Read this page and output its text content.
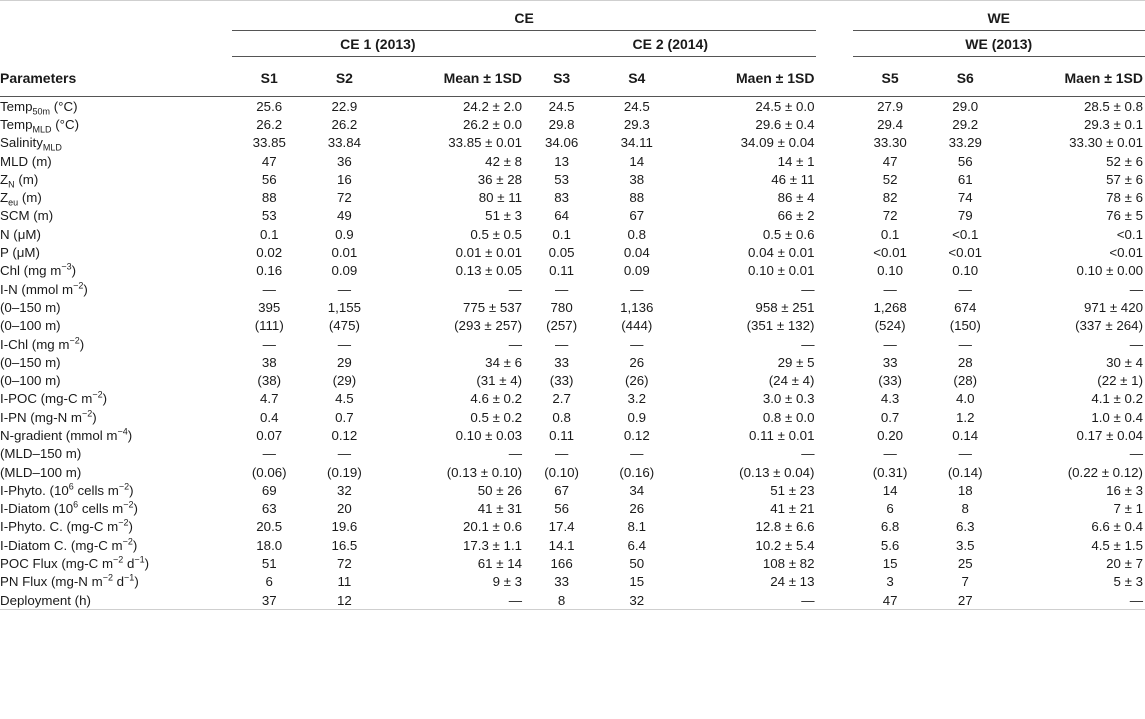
	CE							WE		

	CE 1 (2013)			CE 2 (2014)				WE (2013)		

Parameters	S1	S2	Mean ± 1SD	S3	S4	Maen ± 1SD		S5	S6	Maen ± 1SD
Temp$_{50m}$ (°C)	25.6	22.9	24.2 ± 2.0	24.5	24.5	24.5 ± 0.0		27.9	29.0	28.5 ± 0.8
Temp$_{MLD}$ (°C)	26.2	26.2	26.2 ± 0.0	29.8	29.3	29.6 ± 0.4		29.4	29.2	29.3 ± 0.1
Salinity$_{MLD}$	33.85	33.84	33.85 ± 0.01	34.06	34.11	34.09 ± 0.04		33.30	33.29	33.30 ± 0.01
MLD (m)	47	36	42 ± 8	13	14	14 ± 1		47	56	52 ± 6
$Z_N$ (m)	56	16	36 ± 28	53	38	46 ± 11		52	61	57 ± 6
$Z_{eu}$ (m)	88	72	80 ± 11	83	88	86 ± 4		82	74	78 ± 6
SCM (m)	53	49	51 ± 3	64	67	66 ± 2		72	79	76 ± 5
N (μM)	0.1	0.9	0.5 ± 0.5	0.1	0.8	0.5 ± 0.6		0.1	<0.1	<0.1
P (μM)	0.02	0.01	0.01 ± 0.01	0.05	0.04	0.04 ± 0.01		<0.01	<0.01	<0.01
Chl (mg $m^{-3}$)	0.16	0.09	0.13 ± 0.05	0.11	0.09	0.10 ± 0.01		0.10	0.10	0.10 ± 0.00
I-N (mmol $m^{-2}$)	—	—	—	—	—	—		—	—	—
(0–150 m)	395	1,155	775 ± 537	780	1,136	958 ± 251		1,268	674	971 ± 420
(0–100 m)	(111)	(475)	(293 ± 257)	(257)	(444)	(351 ± 132)		(524)	(150)	(337 ± 264)
I-Chl (mg $m^{-2}$)	—	—	—	—	—	—		—	—	—
(0–150 m)	38	29	34 ± 6	33	26	29 ± 5		33	28	30 ± 4
(0–100 m)	(38)	(29)	(31 ± 4)	(33)	(26)	(24 ± 4)		(33)	(28)	(22 ± 1)
I-POC (mg-C $m^{-2}$)	4.7	4.5	4.6 ± 0.2	2.7	3.2	3.0 ± 0.3		4.3	4.0	4.1 ± 0.2
I-PN (mg-N $m^{-2}$)	0.4	0.7	0.5 ± 0.2	0.8	0.9	0.8 ± 0.0		0.7	1.2	1.0 ± 0.4
N-gradient (mmol $m^{-4}$)	0.07	0.12	0.10 ± 0.03	0.11	0.12	0.11 ± 0.01		0.20	0.14	0.17 ± 0.04
(MLD–150 m)	—	—	—	—	—	—		—	—	—
(MLD–100 m)	(0.06)	(0.19)	(0.13 ± 0.10)	(0.10)	(0.16)	(0.13 ± 0.04)		(0.31)	(0.14)	(0.22 ± 0.12)
I-Phyto. ($10^6$ cells $m^{-2}$)	69	32	50 ± 26	67	34	51 ± 23		14	18	16 ± 3
I-Diatom ($10^6$ cells $m^{-2}$)	63	20	41 ± 31	56	26	41 ± 21		6	8	7 ± 1
I-Phyto. C. (mg-C $m^{-2}$)	20.5	19.6	20.1 ± 0.6	17.4	8.1	12.8 ± 6.6		6.8	6.3	6.6 ± 0.4
I-Diatom C. (mg-C $m^{-2}$)	18.0	16.5	17.3 ± 1.1	14.1	6.4	10.2 ± 5.4		5.6	3.5	4.5 ± 1.5
POC Flux (mg-C $m^{-2}$ $d^{-1}$)	51	72	61 ± 14	166	50	108 ± 82		15	25	20 ± 7
PN Flux (mg-N $m^{-2}$ $d^{-1}$)	6	11	9 ± 3	33	15	24 ± 13		3	7	5 ± 3
Deployment (h)	37	12	—	8	32	—		47	27	—
